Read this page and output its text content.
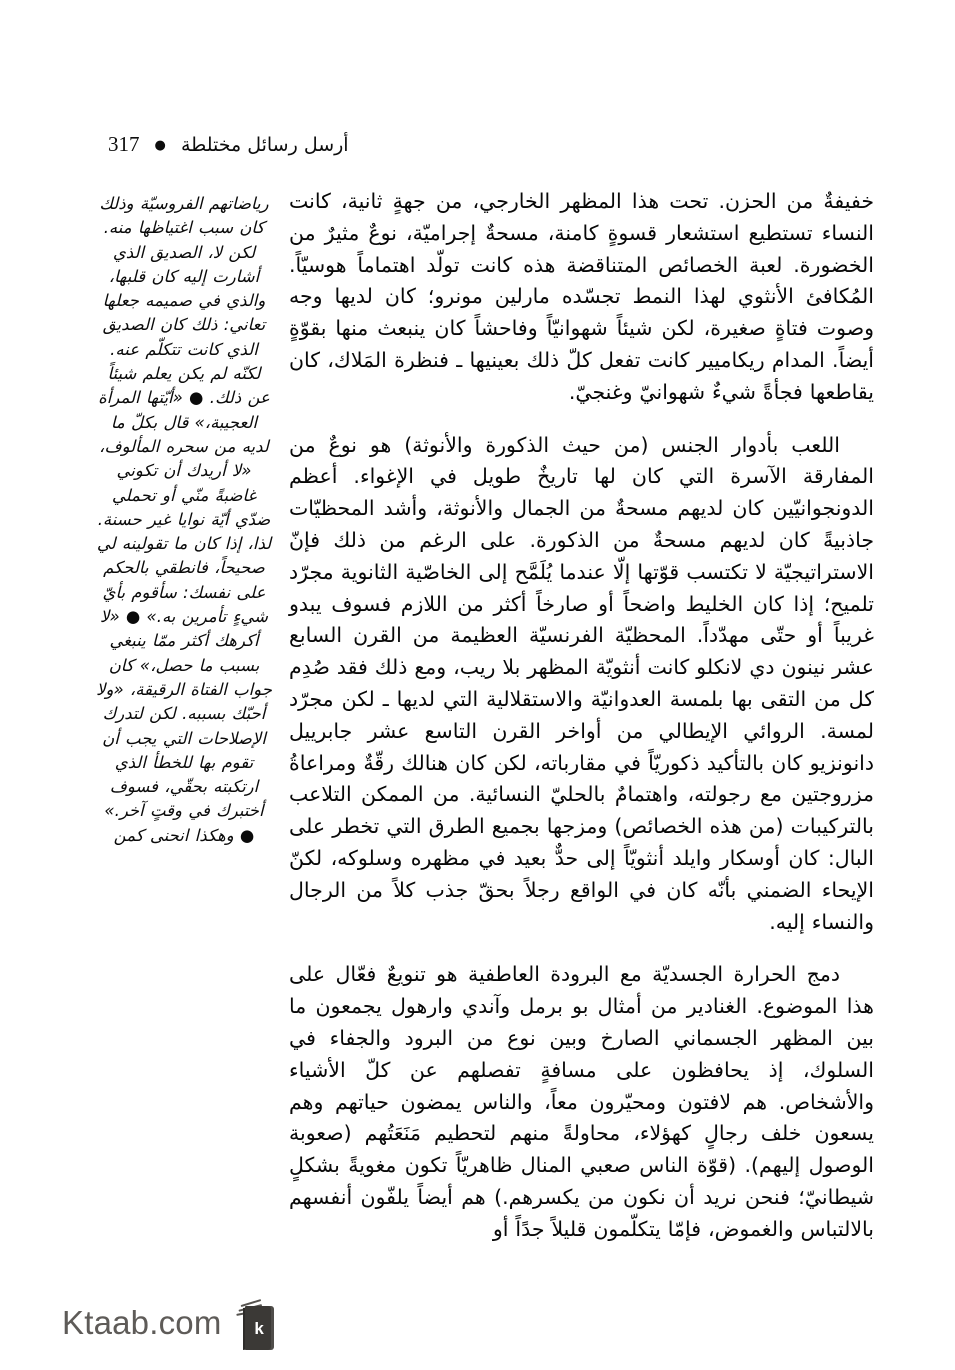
أرسل رسائل مختلطة ● 317

خفيفةٌ من الحزن. تحت هذا المظهر الخارجي، من جهةٍ ثانية، كانت النساء تستطيع استشعار قسوةٍ كامنة، مسحةٌ إجراميّة، نوعٌ مثيرٌ من الخضورة. لعبة الخصائص المتناقضة هذه كانت تولّد اهتماماً هوسيّاً. المُكافئ الأنثوي لهذا النمط تجسّده مارلين مونرو؛ كان لديها وجه وصوت فتاةٍ صغيرة، لكن شيئاً شهوانيّاً وفاحشاً كان ينبعث منها بقوّةٍ أيضاً. المدام ريكاميير كانت تفعل كلّ ذلك بعينيها ـ فنظرة المَلاك، كان يقاطعها فجأةً شيءٌ شهوانيّ وغنجيّ.

اللعب بأدوار الجنس (من حيث الذكورة والأنوثة) هو نوعٌ من المفارقة الآسرة التي كان لها تاريخٌ طويل في الإغواء. أعظم الدونجوانيّين كان لديهم مسحةٌ من الجمال والأنوثة، وأشد المحظيّات جاذبيةً كان لديهم مسحةٌ من الذكورة. على الرغم من ذلك فإنّ الاستراتيجيّة لا تكتسب قوّتها إلّا عندما يُلَمَّح إلى الخاصّية الثانوية مجرّد تلميح؛ إذا كان الخليط واضحاً أو صارخاً أكثر من اللازم فسوف يبدو غريباً أو حتّى مهدّداً. المحظيّة الفرنسيّة العظيمة من القرن السابع عشر نينون دي لانكلو كانت أنثويّة المظهر بلا ريب، ومع ذلك فقد صُدِم كل من التقى بها بلمسة العدوانيّة والاستقلالية التي لديها ـ لكن مجرّد لمسة. الروائي الإيطالي من أواخر القرن التاسع عشر جابرييل دانونزيو كان بالتأكيد ذكوريّاً في مقارباته، لكن كان هنالك رقّةٌ ومراعاةُ مزروجتين مع رجولته، واهتمامٌ بالحليّ النسائية. من الممكن التلاعب بالتركيبات (من هذه الخصائص) ومزجها بجميع الطرق التي تخطر على البال: كان أوسكار وايلد أنثويّاً إلى حدٌّ بعيد في مظهره وسلوكه، لكنّ الإيحاء الضمني بأنّه كان في الواقع رجلاً بحقّ جذب كلاً من الرجال والنساء إليه.

دمج الحرارة الجسديّة مع البرودة العاطفية هو تنويعٌ فعّال على هذا الموضوع. الغنادير من أمثال بو برمل وآندي وارهول يجمعون ما بين المظهر الجسماني الصارخ وبين نوع من البرود والجفاء في السلوك، إذ يحافظون على مسافةٍ تفصلهم عن كلّ الأشياء والأشخاص. هم لافتون ومحيّرون معاً، والناس يمضون حياتهم وهم يسعون خلف رجالٍ كهؤلاء، محاولةً منهم لتحطيم مَنَعَتُهم (صعوبة الوصول إليهم). (قوّة الناس صعبي المنال ظاهريّاً تكون مغويةً بشكلٍ شيطانيّ؛ فنحن نريد أن نكون من يكسرهم.) هم أيضاً يلفّون أنفسهم بالالتباس والغموض، فإمّا يتكلّمون قليلاً جدًاً أو

رياضاتهم الفروسيّة وذلك كان سبب اغتياظها منه. لكن لا، الصديق الذي أشارت إليه كان قلبها، والذي في صميمه جعلها تعاني: ذلك كان الصديق الذي كانت تتكلّم عنه. لكنّه لم يكن يعلم شيئاً عن ذلك. ● «أيّتها المرأة العجيبة،» قال بكلّ ما لديه من سحره المألوف، «لا أريدك أن تكوني غاضبةً منّي أو تحملي ضدّي أيّة نوايا غير حسنة. لذا، إذا كان ما تقولينه لي صحيحاً، فانطقي بالحكم على نفسك: سأقوم بأيّ شيءٍ تأمرين به.» ● «لا أكرهك أكثر ممّا ينبغي بسبب ما حصل،» كان جواب الفتاة الرقيقة، «ولا أحبّك بسببه. لكن لتدرك الإصلاحات التي يجب أن تقوم بها للخطأ الذي ارتكبته بحقّي، فسوف أختبرك في وقتٍ آخر.» ● وهكذا انحنى كمن

k
Ktaab.com
